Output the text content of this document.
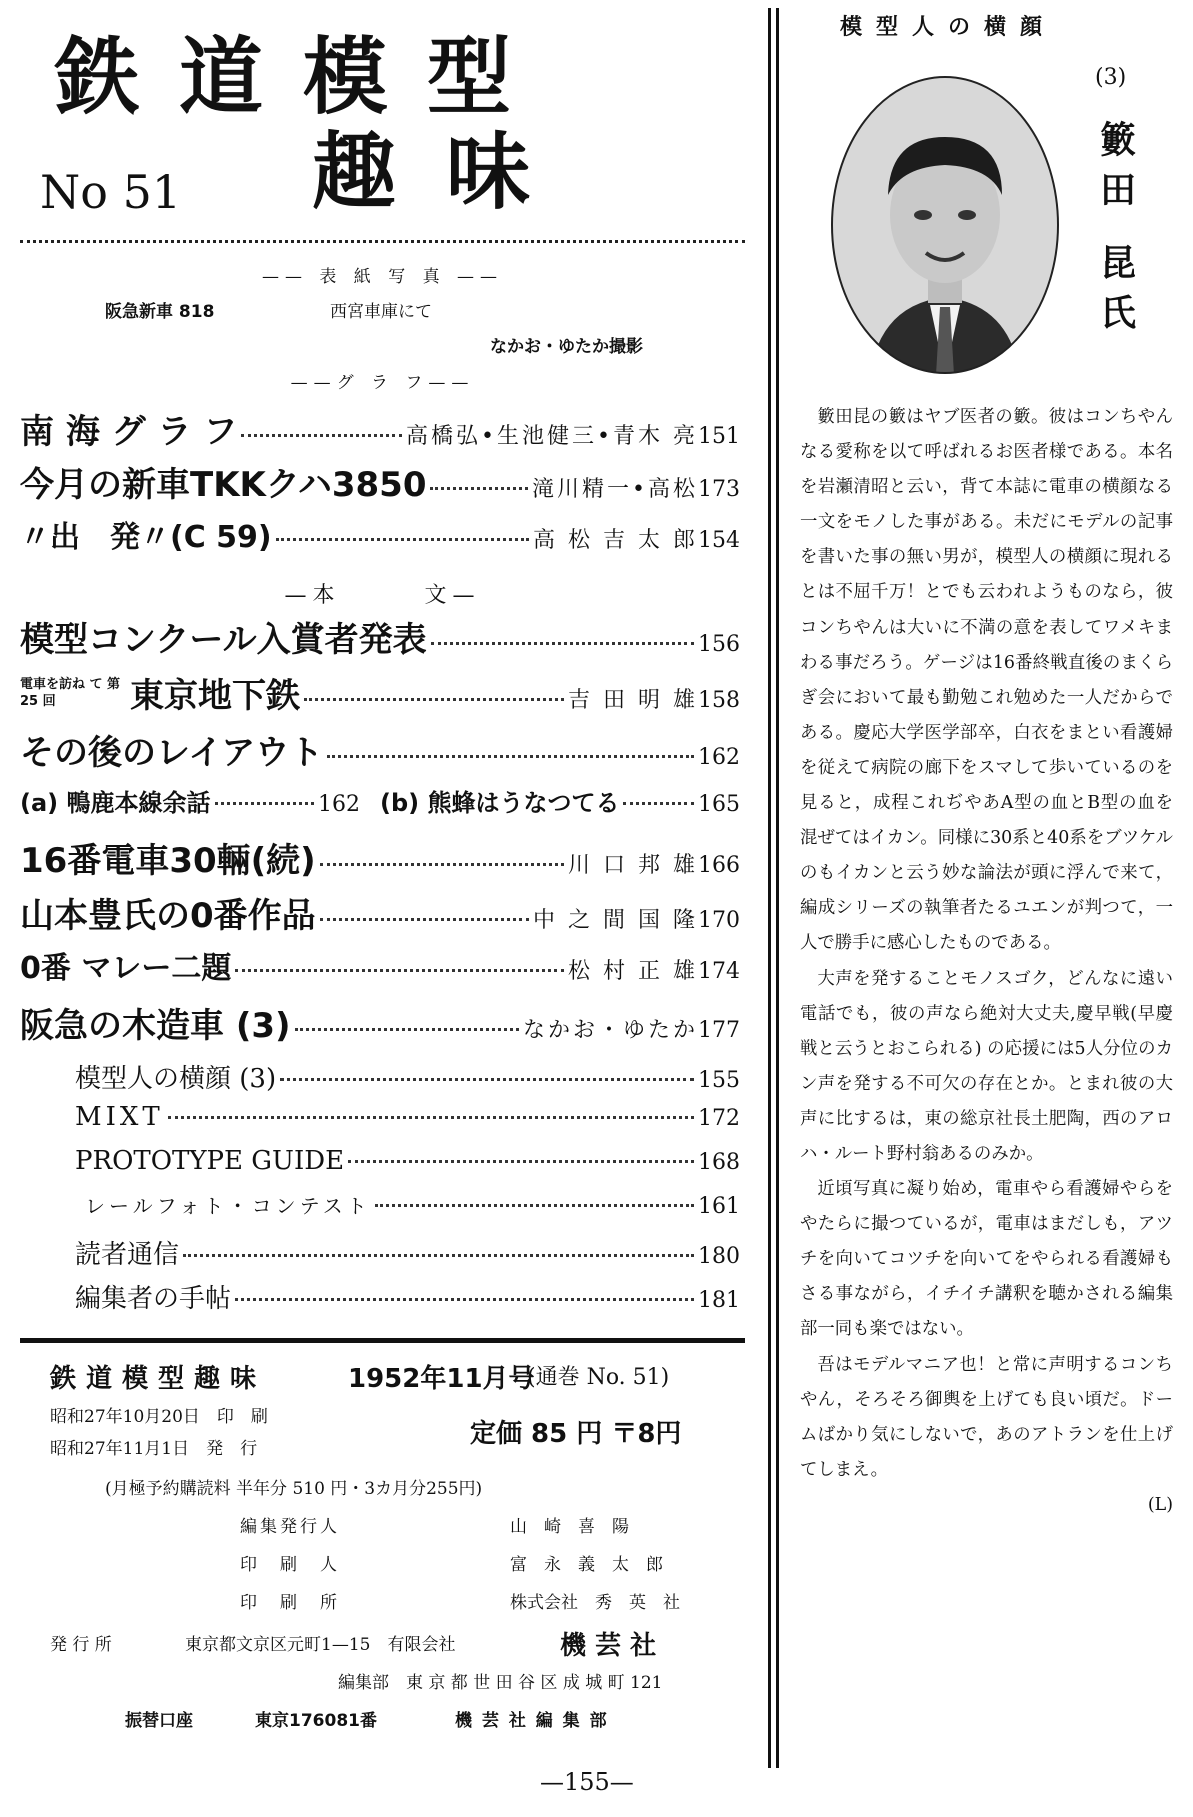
鉄道模型
趣味
No 51
—— 表 紙 写 真 ——
阪急新車 818	西宮車庫にて
なかお・ゆたか撮影
——グ ラ フ——
南 海 グ ラ フ	高橋弘•生池健三•青木 亮 151
今月の新車TKKクハ3850	滝川精一•高松 173
〃出　発〃(C 59)	高 松 吉 太 郎 154
—本　　　文—
模型コンクール入賞者発表	156
電車を訪ね て 第 25 回	東京地下鉄	吉 田 明 雄 158
その後のレイアウト	162
(a) 鴨鹿本線余話	162 (b) 熊蜂はうなつてる	165
16番電車30輛(続)	川 口 邦 雄 166
山本豊氏の0番作品	中 之 間 国 隆 170
0番 マレー二題	松 村 正 雄 174
阪急の木造車 (3)	なかお・ゆたか 177
模型人の横顔 (3)	155
MIXT	172
PROTOTYPE GUIDE	168
レールフォト・コンテスト	161
読者通信	180
編集者の手帖	181
鉄道模型趣味	1952年11月号
(通巻 No. 51)
昭和27年10月20日　印　刷
昭和27年11月1日　発　行	定価 85 円 〒8円
(月極予約購読料 半年分 510 円・3カ月分255円)
編集発行人	山　崎　喜　陽
印　刷　人	富　永　義　太　郎
印　刷　所	株式会社　秀　英　社
発 行 所	東京都文京区元町1—15　有限会社	機 芸 社
編集部　東 京 都 世 田 谷 区 成 城 町 121
振替口座	東京176081番	機 芸 社 編 集 部
模型人の横顔
(3)
籔
田
昆
氏

籔田昆の籔はヤブ医者の籔。彼はコンちやんなる愛称を以て呼ばれるお医者様である。本名を岩瀬清昭と云い，背て本誌に電車の横顔なる一文をモノした事がある。未だにモデルの記事を書いた事の無い男が，模型人の横顔に現れるとは不屈千万！とでも云われようものなら，彼コンちやんは大いに不満の意を表してワメキまわる事だろう。ゲージは16番終戦直後のまくらぎ会において最も勤勉これ勉めた一人だからである。慶応大学医学部卒，白衣をまとい看護婦を従えて病院の廊下をスマして歩いているのを見ると，成程これぢやあA型の血とB型の血を混ぜてはイカン。同様に30系と40系をブツケルのもイカンと云う妙な論法が頭に浮んで来て，編成シリーズの執筆者たるユエンが判つて，一人で勝手に感心したものである。

大声を発することモノスゴク，どんなに遠い電話でも，彼の声なら絶対大丈夫,慶早戦(早慶戦と云うとおこられる) の応援には5人分位のカン声を発する不可欠の存在とか。とまれ彼の大声に比するは，東の総京社長土肥陶，西のアロハ・ルート野村翁あるのみか。

近頃写真に凝り始め，電車やら看護婦やらをやたらに撮つているが，電車はまだしも，アツチを向いてコツチを向いてをやられる看護婦もさる事ながら，イチイチ講釈を聴かされる編集部一同も楽ではない。

吾はモデルマニア也！と常に声明するコンちやん，そろそろ御輿を上げても良い頃だ。ドームばかり気にしないで，あのアトランを仕上げてしまえ。

(L)
—155—
